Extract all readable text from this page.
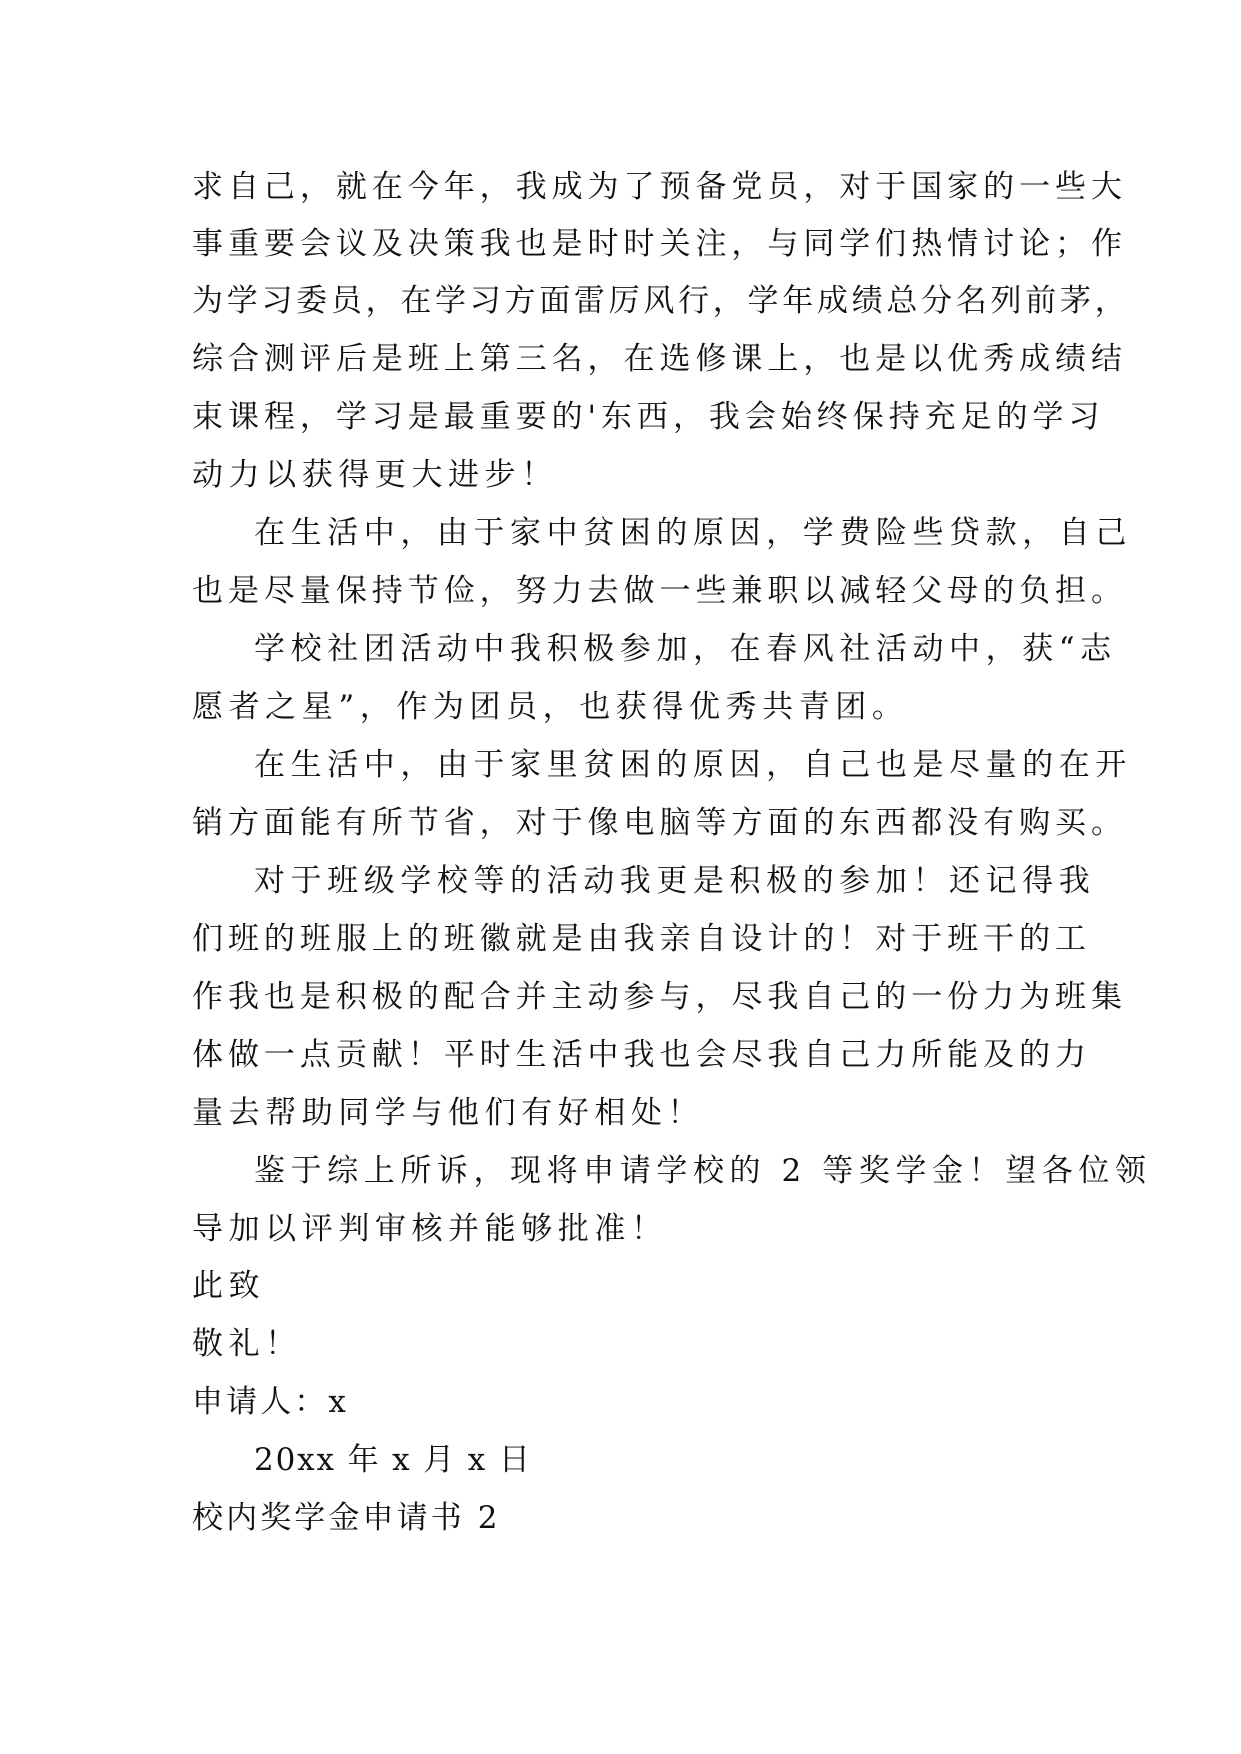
求自己，就在今年，我成为了预备党员，对于国家的一些大
事重要会议及决策我也是时时关注，与同学们热情讨论；作
为学习委员，在学习方面雷厉风行，学年成绩总分名列前茅，
综合测评后是班上第三名，在选修课上，也是以优秀成绩结
束课程，学习是最重要的'东西，我会始终保持充足的学习
动力以获得更大进步！
在生活中，由于家中贫困的原因，学费险些贷款，自己
也是尽量保持节俭，努力去做一些兼职以减轻父母的负担。
学校社团活动中我积极参加，在春风社活动中，获“志
愿者之星”，作为团员，也获得优秀共青团。
在生活中，由于家里贫困的原因，自己也是尽量的在开
销方面能有所节省，对于像电脑等方面的东西都没有购买。
对于班级学校等的活动我更是积极的参加！还记得我
们班的班服上的班徽就是由我亲自设计的！对于班干的工
作我也是积极的配合并主动参与，尽我自己的一份力为班集
体做一点贡献！平时生活中我也会尽我自己力所能及的力
量去帮助同学与他们有好相处！
鉴于综上所诉，现将申请学校的 2 等奖学金！望各位领
导加以评判审核并能够批准！
此致
敬礼！
申请人：x
20xx 年 x 月 x 日
校内奖学金申请书 2
